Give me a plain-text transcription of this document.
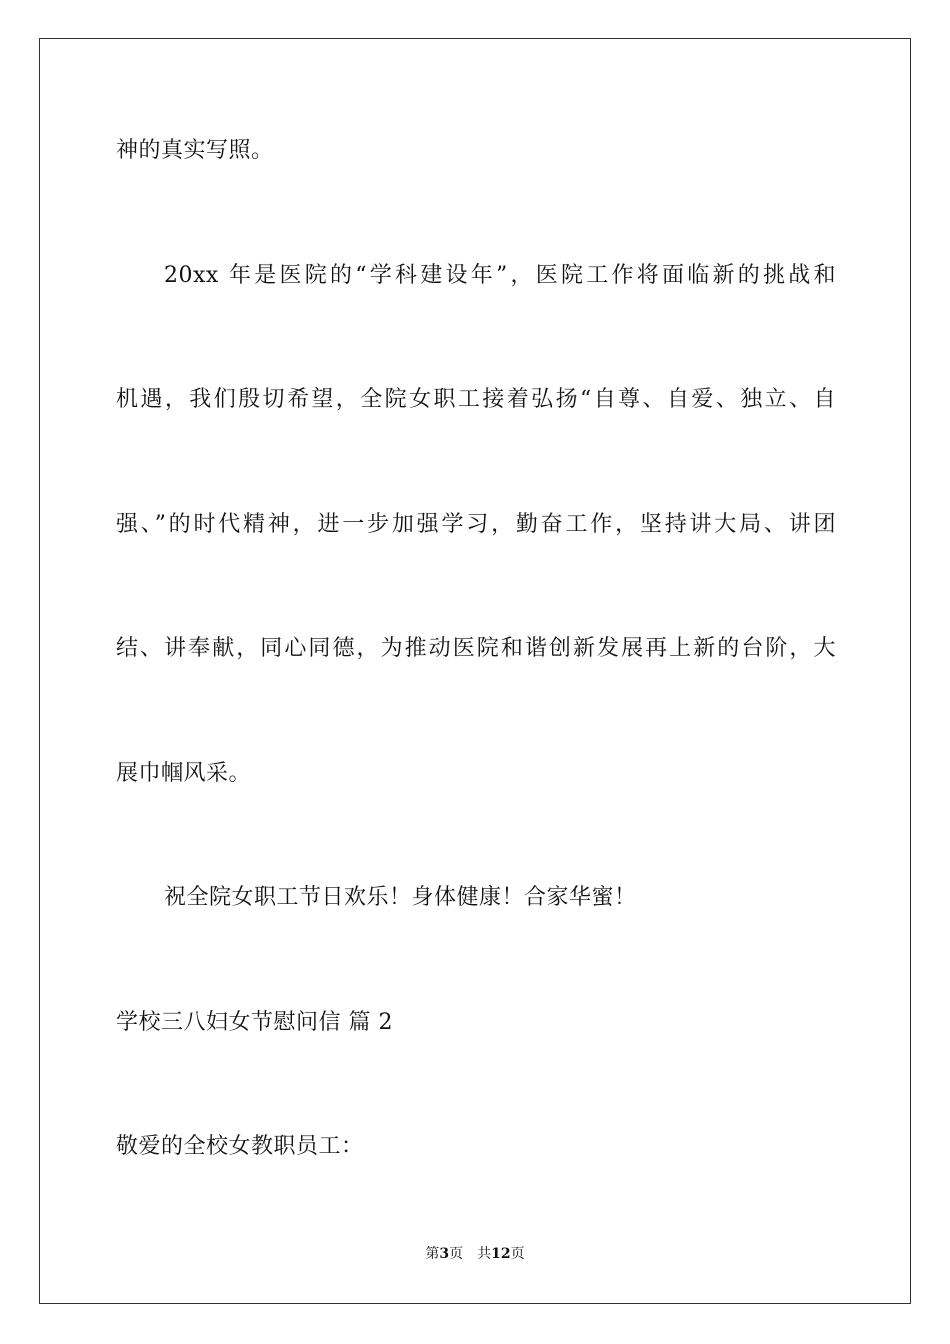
神的真实写照。
20xx 年是医院的“学科建设年”，医院工作将面临新的挑战和
机遇，我们殷切希望，全院女职工接着弘扬“自尊、自爱、独立、自
强、”的时代精神，进一步加强学习，勤奋工作，坚持讲大局、讲团
结、讲奉献，同心同德，为推动医院和谐创新发展再上新的台阶，大
展巾帼风采。
祝全院女职工节日欢乐！身体健康！合家华蜜！
学校三八妇女节慰问信 篇 2
敬爱的全校女教职员工：
第3页 共12页
